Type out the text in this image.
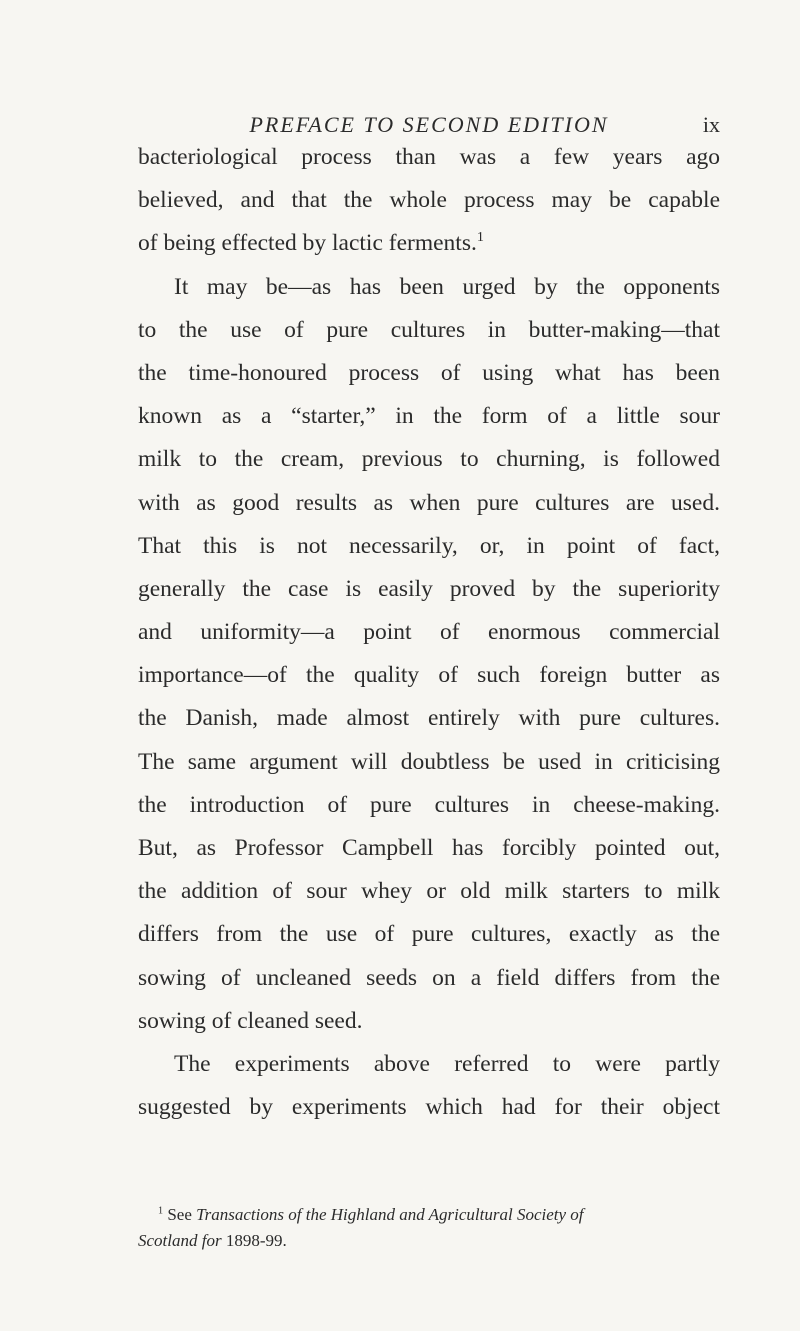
PREFACE TO SECOND EDITION	ix
bacteriological process than was a few years ago
believed, and that the whole process may be capable
of being effected by lactic ferments.$^1$
It may be—as has been urged by the opponents
to the use of pure cultures in butter-making—that
the time-honoured process of using what has been
known as a “starter,” in the form of a little sour
milk to the cream, previous to churning, is followed
with as good results as when pure cultures are used.
That this is not necessarily, or, in point of fact,
generally the case is easily proved by the superiority
and uniformity—a point of enormous commercial
importance—of the quality of such foreign butter as
the Danish, made almost entirely with pure cultures.
The same argument will doubtless be used in criticising
the introduction of pure cultures in cheese-making.
But, as Professor Campbell has forcibly pointed out,
the addition of sour whey or old milk starters to milk
differs from the use of pure cultures, exactly as the
sowing of uncleaned seeds on a field differs from the
sowing of cleaned seed.
The experiments above referred to were partly
suggested by experiments which had for their object
$^1$ See Transactions of the Highland and Agricultural Society of
Scotland for 1898-99.
